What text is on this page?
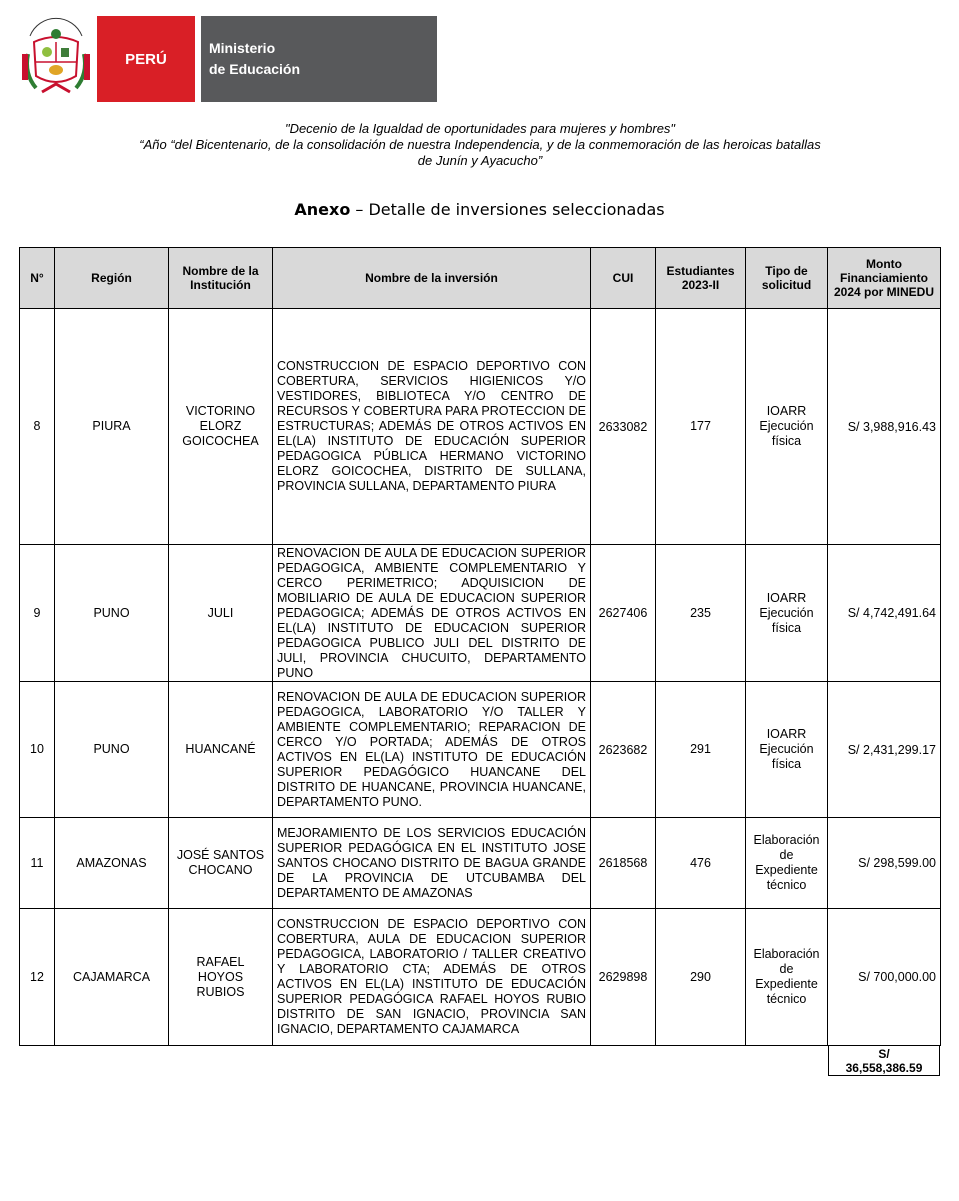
PERÚ
Ministerio
de Educación
"Decenio de la Igualdad de oportunidades para mujeres y hombres"
“Año “del Bicentenario, de la consolidación de nuestra Independencia, y de la conmemoración de las heroicas batallas
de Junín y Ayacucho”
Anexo – Detalle de inversiones seleccionadas
N°	Región	Nombre de la Institución	Nombre de la inversión	CUI	Estudiantes 2023-II	Tipo de solicitud	Monto Financiamiento 2024 por MINEDU
8	PIURA	VICTORINO ELORZ GOICOCHEA	CONSTRUCCION DE ESPACIO DEPORTIVO CON COBERTURA, SERVICIOS HIGIENICOS Y/O VESTIDORES, BIBLIOTECA Y/O CENTRO DE RECURSOS Y COBERTURA PARA PROTECCION DE ESTRUCTURAS; ADEMÁS DE OTROS ACTIVOS EN EL(LA) INSTITUTO DE EDUCACIÓN SUPERIOR PEDAGOGICA PÚBLICA HERMANO VICTORINO ELORZ GOICOCHEA, DISTRITO DE SULLANA, PROVINCIA SULLANA, DEPARTAMENTO PIURA	2633082	177	IOARR Ejecución física	S/ 3,988,916.43
9	PUNO	JULI	RENOVACION DE AULA DE EDUCACION SUPERIOR PEDAGOGICA, AMBIENTE COMPLEMENTARIO Y CERCO PERIMETRICO; ADQUISICION DE MOBILIARIO DE AULA DE EDUCACION SUPERIOR PEDAGOGICA; ADEMÁS DE OTROS ACTIVOS EN EL(LA) INSTITUTO DE EDUCACION SUPERIOR PEDAGOGICA PUBLICO JULI DEL DISTRITO DE JULI, PROVINCIA CHUCUITO, DEPARTAMENTO PUNO	2627406	235	IOARR Ejecución física	S/ 4,742,491.64
10	PUNO	HUANCANÉ	RENOVACION DE AULA DE EDUCACION SUPERIOR PEDAGOGICA, LABORATORIO Y/O TALLER Y AMBIENTE COMPLEMENTARIO; REPARACION DE CERCO Y/O PORTADA; ADEMÁS DE OTROS ACTIVOS EN EL(LA) INSTITUTO DE EDUCACIÓN SUPERIOR PEDAGÓGICO HUANCANE DEL DISTRITO DE HUANCANE, PROVINCIA HUANCANE, DEPARTAMENTO PUNO.	2623682	291	IOARR Ejecución física	S/ 2,431,299.17
11	AMAZONAS	JOSÉ SANTOS CHOCANO	MEJORAMIENTO DE LOS SERVICIOS EDUCACIÓN SUPERIOR PEDAGÓGICA EN EL INSTITUTO JOSE SANTOS CHOCANO DISTRITO DE BAGUA GRANDE DE LA PROVINCIA DE UTCUBAMBA DEL DEPARTAMENTO DE AMAZONAS	2618568	476	Elaboración de Expediente técnico	S/ 298,599.00
12	CAJAMARCA	RAFAEL HOYOS RUBIOS	CONSTRUCCION DE ESPACIO DEPORTIVO CON COBERTURA, AULA DE EDUCACION SUPERIOR PEDAGOGICA, LABORATORIO / TALLER CREATIVO Y LABORATORIO CTA; ADEMÁS DE OTROS ACTIVOS EN EL(LA) INSTITUTO DE EDUCACIÓN SUPERIOR PEDAGÓGICA RAFAEL HOYOS RUBIO DISTRITO DE SAN IGNACIO, PROVINCIA SAN IGNACIO, DEPARTAMENTO CAJAMARCA	2629898	290	Elaboración de Expediente técnico	S/ 700,000.00
S/
36,558,386.59
